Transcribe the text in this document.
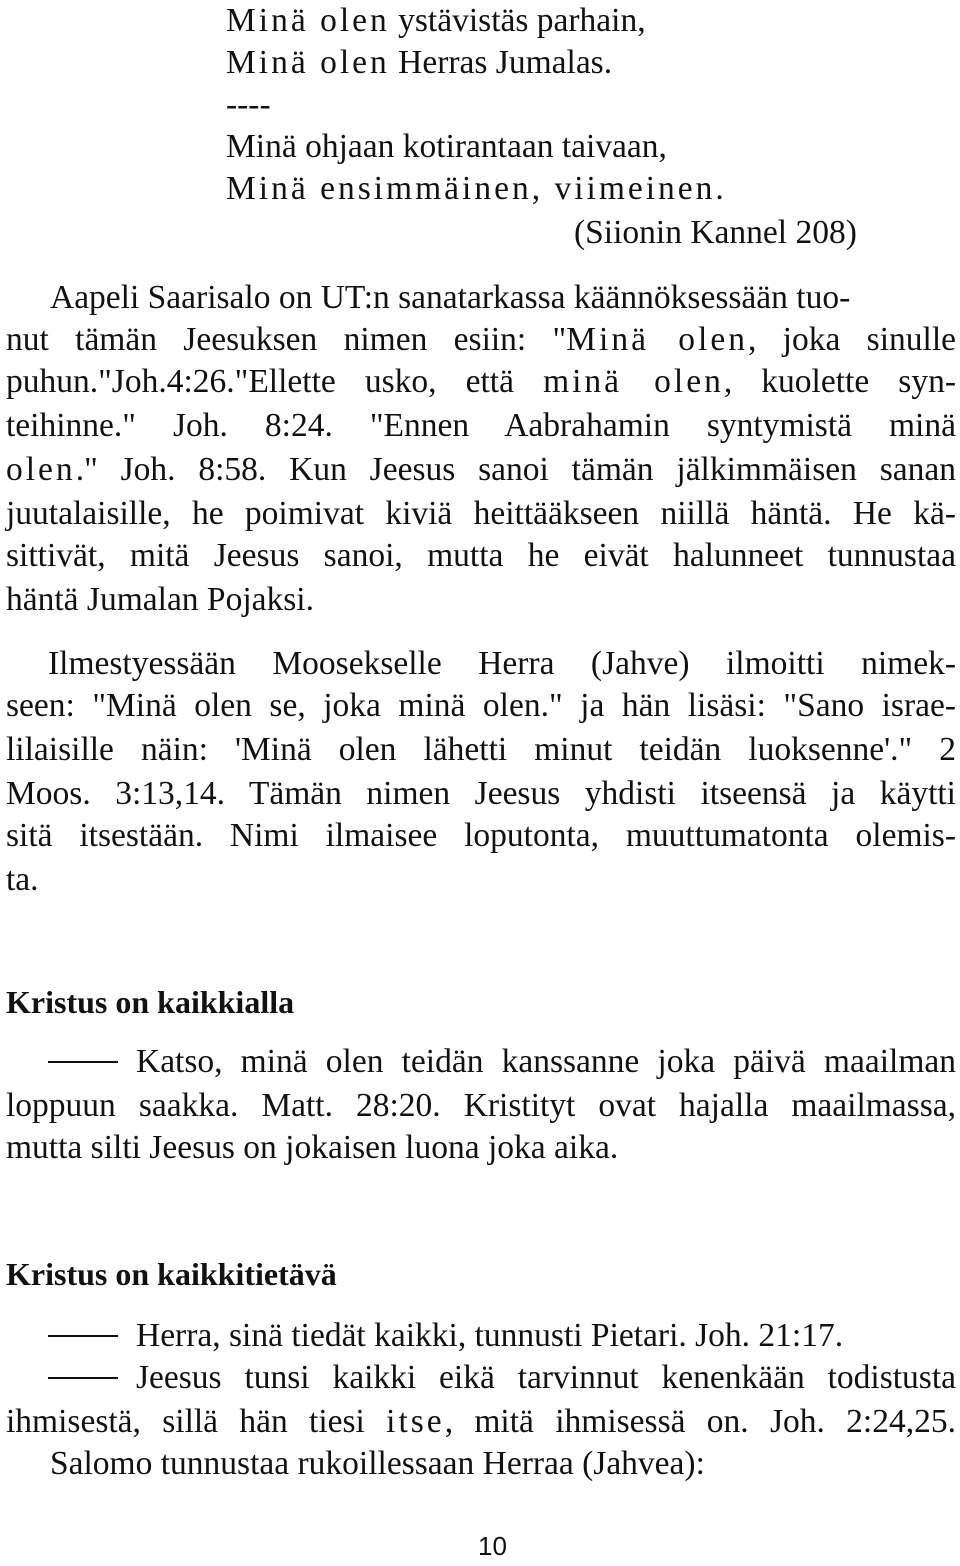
Minä olen ystävistäs parhain,
Minä olen Herras Jumalas.
----
Minä ohjaan kotirantaan taivaan,
Minä ensimmäinen, viimeinen.
(Siionin Kannel 208)
Aapeli Saarisalo on UT:n sanatarkassa käännöksessään tuo-
nut tämän Jeesuksen nimen esiin: "Minä olen, joka sinulle
puhun."Joh.4:26."Ellette usko, että minä olen, kuolette syn-
teihinne." Joh. 8:24. "Ennen Aabrahamin syntymistä minä
olen." Joh. 8:58. Kun Jeesus sanoi tämän jälkimmäisen sanan
juutalaisille, he poimivat kiviä heittääkseen niillä häntä. He kä-
sittivät, mitä Jeesus sanoi, mutta he eivät halunneet tunnustaa
häntä Jumalan Pojaksi.
Ilmestyessään Moosekselle Herra (Jahve) ilmoitti nimek-
seen: "Minä olen se, joka minä olen." ja hän lisäsi: "Sano israe-
lilaisille näin: 'Minä olen lähetti minut teidän luoksenne'." 2
Moos. 3:13,14. Tämän nimen Jeesus yhdisti itseensä ja käytti
sitä itsestään. Nimi ilmaisee loputonta, muuttumatonta olemis-
ta.
Kristus on kaikkialla
Katso, minä olen teidän kanssanne joka päivä maailman
loppuun saakka. Matt. 28:20. Kristityt ovat hajalla maailmassa,
mutta silti Jeesus on jokaisen luona joka aika.
Kristus on kaikkitietävä
Herra, sinä tiedät kaikki, tunnusti Pietari. Joh. 21:17.
Jeesus tunsi kaikki eikä tarvinnut kenenkään todistusta
ihmisestä, sillä hän tiesi itse, mitä ihmisessä on. Joh. 2:24,25.
Salomo tunnustaa rukoillessaan Herraa (Jahvea):
10
